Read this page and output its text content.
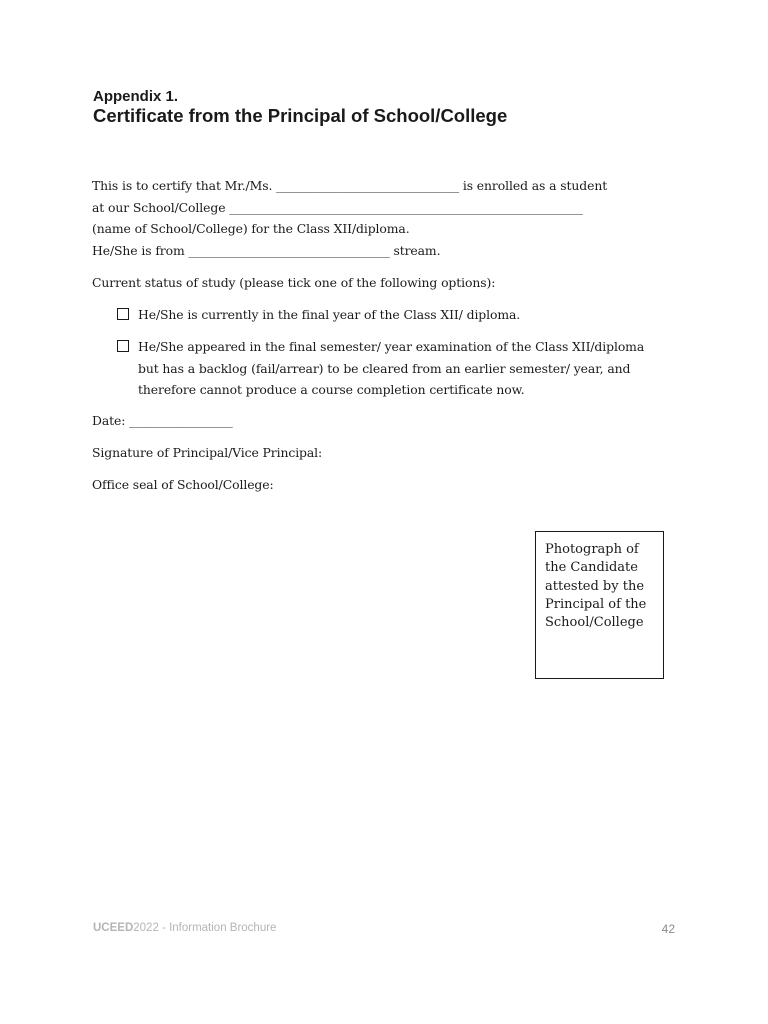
Appendix 1.
Certificate from the Principal of School/College
This is to certify that Mr./Ms. ______________________________ is enrolled as a student
at our School/College __________________________________________________________
(name of School/College) for the Class XII/diploma.
He/She is from _________________________________ stream.
Current status of study (please tick one of the following options):
He/She is currently in the final year of the Class XII/ diploma.
He/She appeared in the final semester/ year examination of the Class XII/diploma
but has a backlog (fail/arrear) to be cleared from an earlier semester/ year, and
therefore cannot produce a course completion certificate now.
Date: _________________
Signature of Principal/Vice Principal:
Office seal of School/College:
Photograph of
the Candidate
attested by the
Principal of the
School/College
UCEED2022 - Information Brochure	42
